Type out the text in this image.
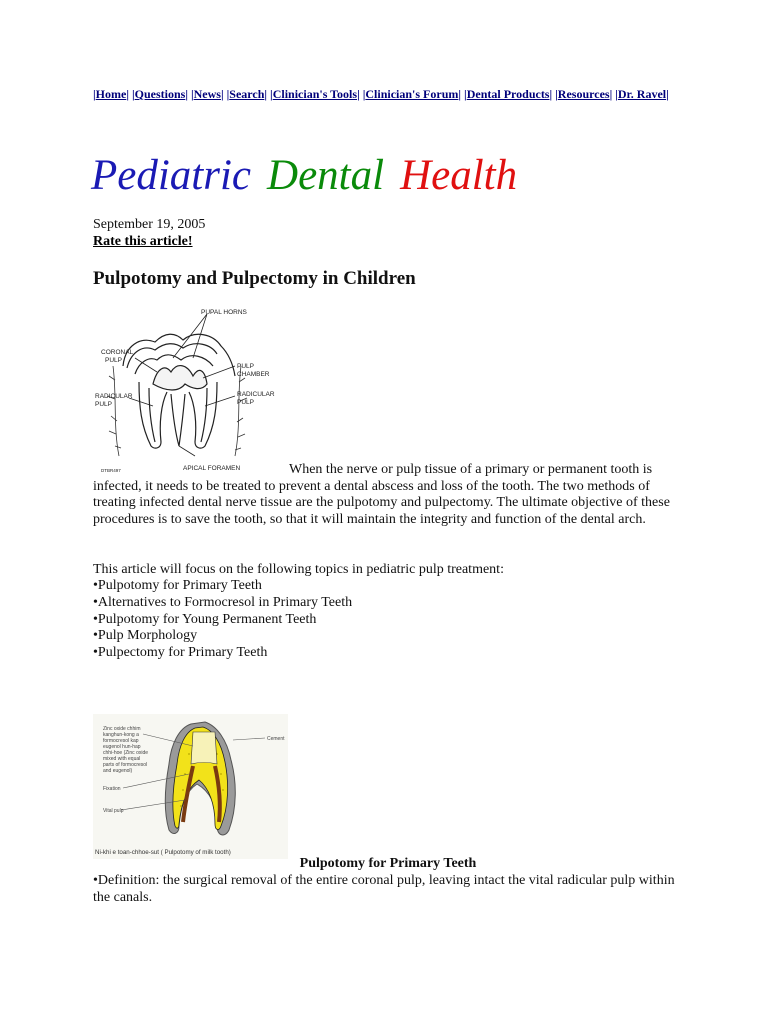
|Home| |Questions| |News| |Search| |Clinician's Tools| |Clinician's Forum| |Dental Products| |Resources| |Dr. Ravel|
Pediatric Dental Health
September 19, 2005
Rate this article!
Pulpotomy and Pulpectomy in Children
PUPAL HORNS
CORONAL
PULP
PULP
CHAMBER
RADICULAR
PULP
RADICULAR
PULP
APICAL FORAMEN
DTBR497	When the nerve or pulp tissue of a primary or permanent tooth is infected, it needs to be treated to prevent a dental abscess and loss of the tooth. The two methods of treating infected dental nerve tissue are the pulpotomy and pulpectomy. The ultimate objective of these procedures is to save the tooth, so that it will maintain the integrity and function of the dental arch.

This article will focus on the following topics in pediatric pulp treatment:

• Pulpotomy for Primary Teeth
• Alternatives to Formocresol in Primary Teeth
• Pulpotomy for Young Permanent Teeth
• Pulp Morphology
• Pulpectomy for Primary Teeth
Zinc oxide chhim
kanghun-kong a
formocresol kap
eugenol hun-hap
chhi-hoe (Zinc oxide
mixed with equal
parts of formocresol
and eugenol)
Fixation
Vital pulp
Cement
Ni-khi e toan-chhoe-sut ( Pulpotomy of milk tooth)
Pulpotomy for Primary Teeth

• Definition: the surgical removal of the entire coronal pulp, leaving intact the vital radicular pulp within the canals.
